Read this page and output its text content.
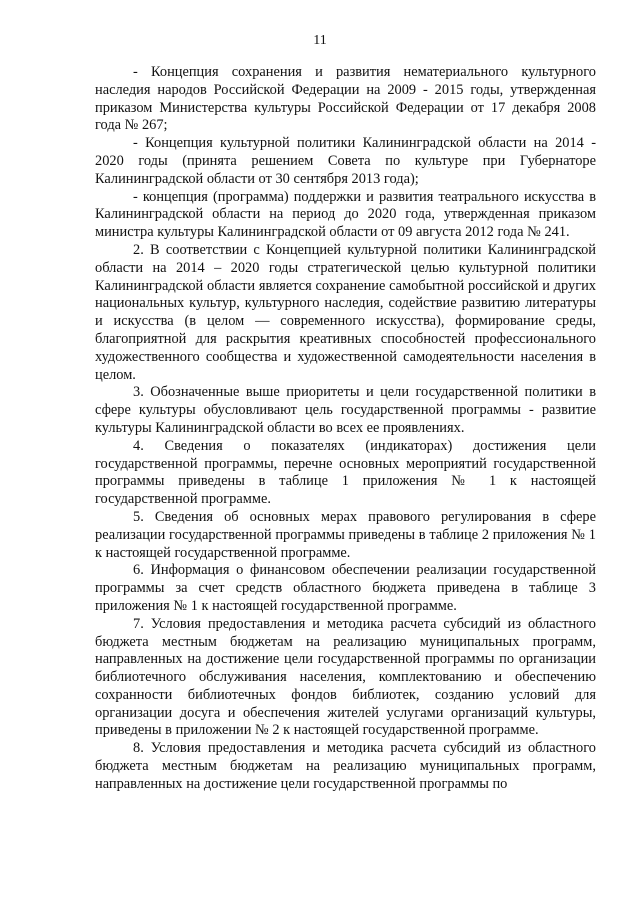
11

- Концепция сохранения и развития нематериального культурного наследия народов Российской Федерации на 2009 - 2015 годы, утвержденная приказом Министерства культуры Российской Федерации от 17 декабря 2008 года № 267;

- Концепция культурной политики Калининградской области на 2014 - 2020 годы (принята решением Совета по культуре при Губернаторе Калининградской области от 30 сентября 2013 года);

- концепция (программа) поддержки и развития театрального искусства в Калининградской области на период до 2020 года, утвержденная приказом министра культуры Калининградской области от 09 августа 2012 года № 241.

2. В соответствии с Концепцией культурной политики Калининградской области на 2014 – 2020 годы стратегической целью культурной политики Калининградской области является сохранение самобытной российской и других национальных культур, культурного наследия, содействие развитию литературы и искусства (в целом — современного искусства), формирование среды, благоприятной для раскрытия креативных способностей профессионального художественного сообщества и художественной самодеятельности населения в целом.

3. Обозначенные выше приоритеты и цели государственной политики в сфере культуры обусловливают цель государственной программы - развитие культуры Калининградской области во всех ее проявлениях.

4. Сведения о показателях (индикаторах) достижения цели государственной программы, перечне основных мероприятий государственной программы приведены в таблице 1 приложения № 1 к настоящей государственной программе.

5. Сведения об основных мерах правового регулирования в сфере реализации государственной программы приведены в таблице 2 приложения № 1 к настоящей государственной программе.

6. Информация о финансовом обеспечении реализации государственной программы за счет средств областного бюджета приведена в таблице 3 приложения № 1 к настоящей государственной программе.

7. Условия предоставления и методика расчета субсидий из областного бюджета местным бюджетам на реализацию муниципальных программ, направленных на достижение цели государственной программы по организации библиотечного обслуживания населения, комплектованию и обеспечению сохранности библиотечных фондов библиотек, созданию условий для организации досуга и обеспечения жителей услугами организаций культуры, приведены в приложении № 2 к настоящей государственной программе.

8. Условия предоставления и методика расчета субсидий из областного бюджета местным бюджетам на реализацию муниципальных программ, направленных на достижение цели государственной программы по
